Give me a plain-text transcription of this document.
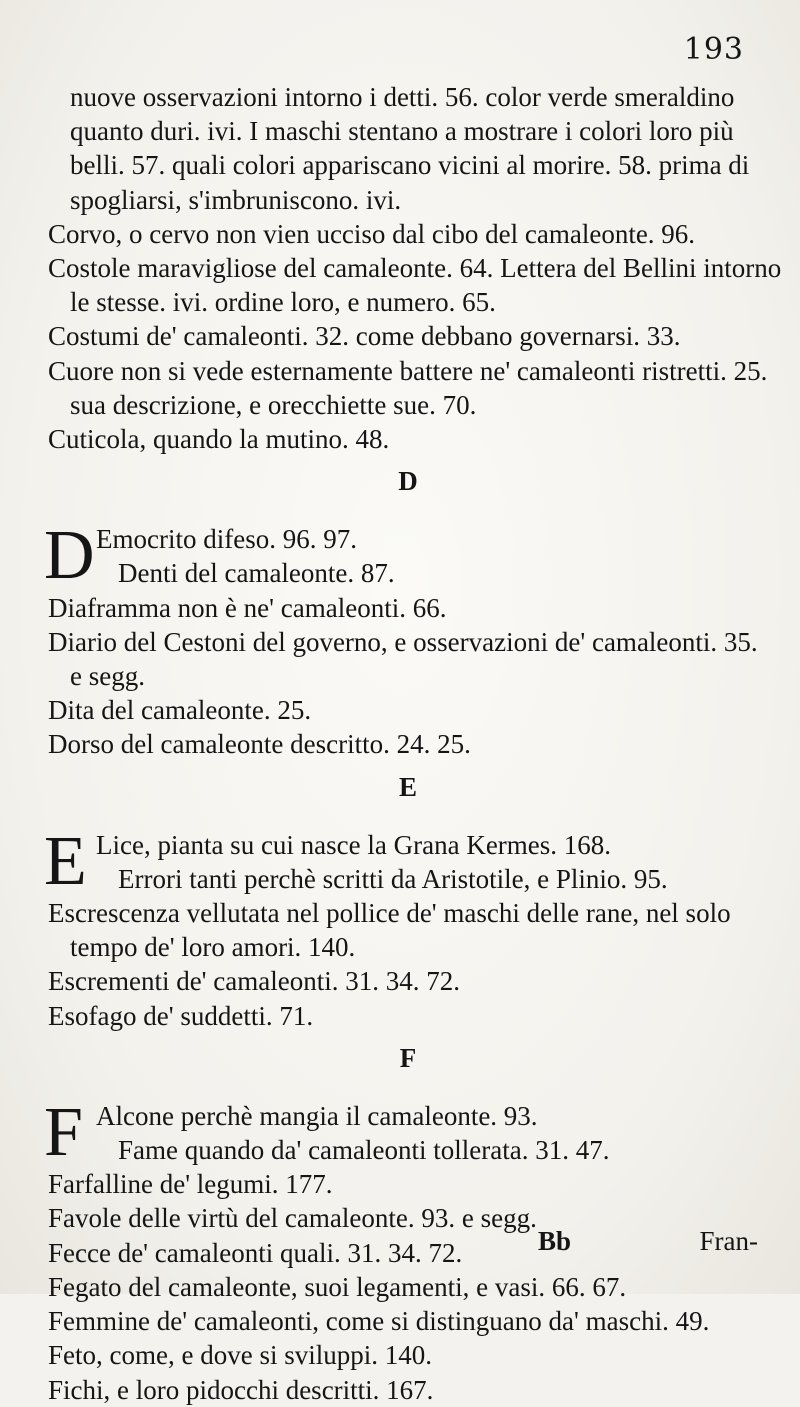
193
nuove osservazioni intorno i detti. 56. color verde smeraldino
quanto duri. ivi. I maschi stentano a mostrare i colori loro più
belli. 57. quali colori appariscano vicini al morire. 58. prima di
spogliarsi, s'imbruniscono. ivi.
Corvo, o cervo non vien ucciso dal cibo del camaleonte. 96.
Costole maravigliose del camaleonte. 64. Lettera del Bellini intorno
le stesse. ivi. ordine loro, e numero. 65.
Costumi de' camaleonti. 32. come debbano governarsi. 33.
Cuore non si vede esternamente battere ne' camaleonti ristretti. 25.
sua descrizione, e orecchiette sue. 70.
Cuticola, quando la mutino. 48.
D
D Emocrito difeso. 96. 97.
Denti del camaleonte. 87.
Diaframma non è ne' camaleonti. 66.
Diario del Cestoni del governo, e osservazioni de' camaleonti. 35.
e segg.
Dita del camaleonte. 25.
Dorso del camaleonte descritto. 24. 25.
E
E Lice, pianta su cui nasce la Grana Kermes. 168.
Errori tanti perchè scritti da Aristotile, e Plinio. 95.
Escrescenza vellutata nel pollice de' maschi delle rane, nel solo
tempo de' loro amori. 140.
Escrementi de' camaleonti. 31. 34. 72.
Esofago de' suddetti. 71.
F
F Alcone perchè mangia il camaleonte. 93.
Fame quando da' camaleonti tollerata. 31. 47.
Farfalline de' legumi. 177.
Favole delle virtù del camaleonte. 93. e segg.
Fecce de' camaleonti quali. 31. 34. 72.
Fegato del camaleonte, suoi legamenti, e vasi. 66. 67.
Femmine de' camaleonti, come si distinguano da' maschi. 49.
Feto, come, e dove si sviluppi. 140.
Fichi, e loro pidocchi descritti. 167.
Bb	Fran-
